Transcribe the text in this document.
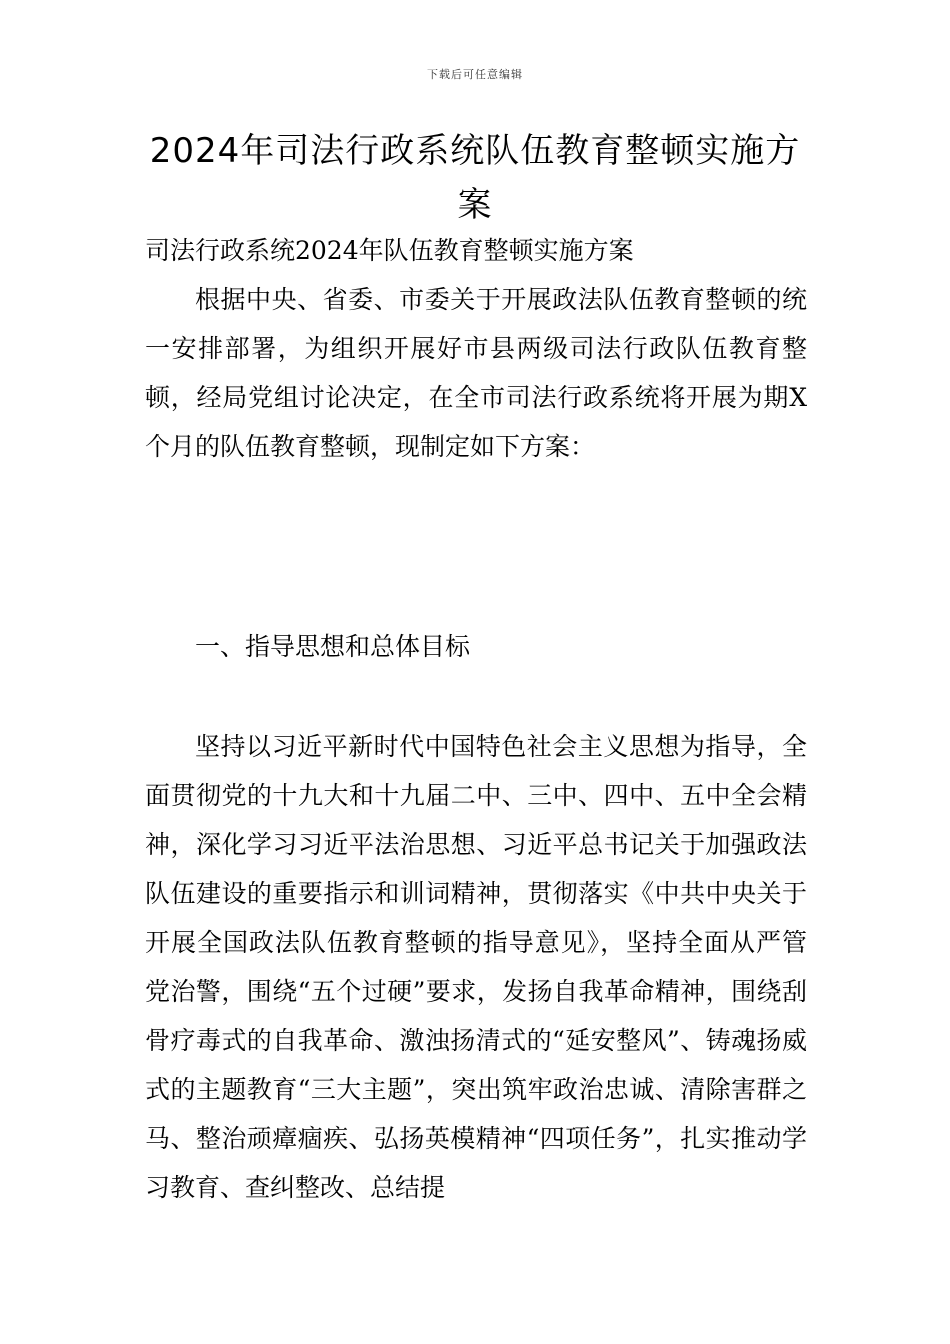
下载后可任意编辑
2024年司法行政系统队伍教育整顿实施方案
司法行政系统2024年队伍教育整顿实施方案
根据中央、省委、市委关于开展政法队伍教育整顿的统一安排部署，为组织开展好市县两级司法行政队伍教育整顿，经局党组讨论决定，在全市司法行政系统将开展为期X个月的队伍教育整顿，现制定如下方案：
一、指导思想和总体目标
坚持以习近平新时代中国特色社会主义思想为指导，全面贯彻党的十九大和十九届二中、三中、四中、五中全会精神，深化学习习近平法治思想、习近平总书记关于加强政法队伍建设的重要指示和训词精神，贯彻落实《中共中央关于开展全国政法队伍教育整顿的指导意见》，坚持全面从严管党治警，围绕“五个过硬”要求，发扬自我革命精神，围绕刮骨疗毒式的自我革命、激浊扬清式的“延安整风”、铸魂扬威式的主题教育“三大主题”，突出筑牢政治忠诚、清除害群之马、整治顽瘴痼疾、弘扬英模精神“四项任务”，扎实推动学习教育、查纠整改、总结提
